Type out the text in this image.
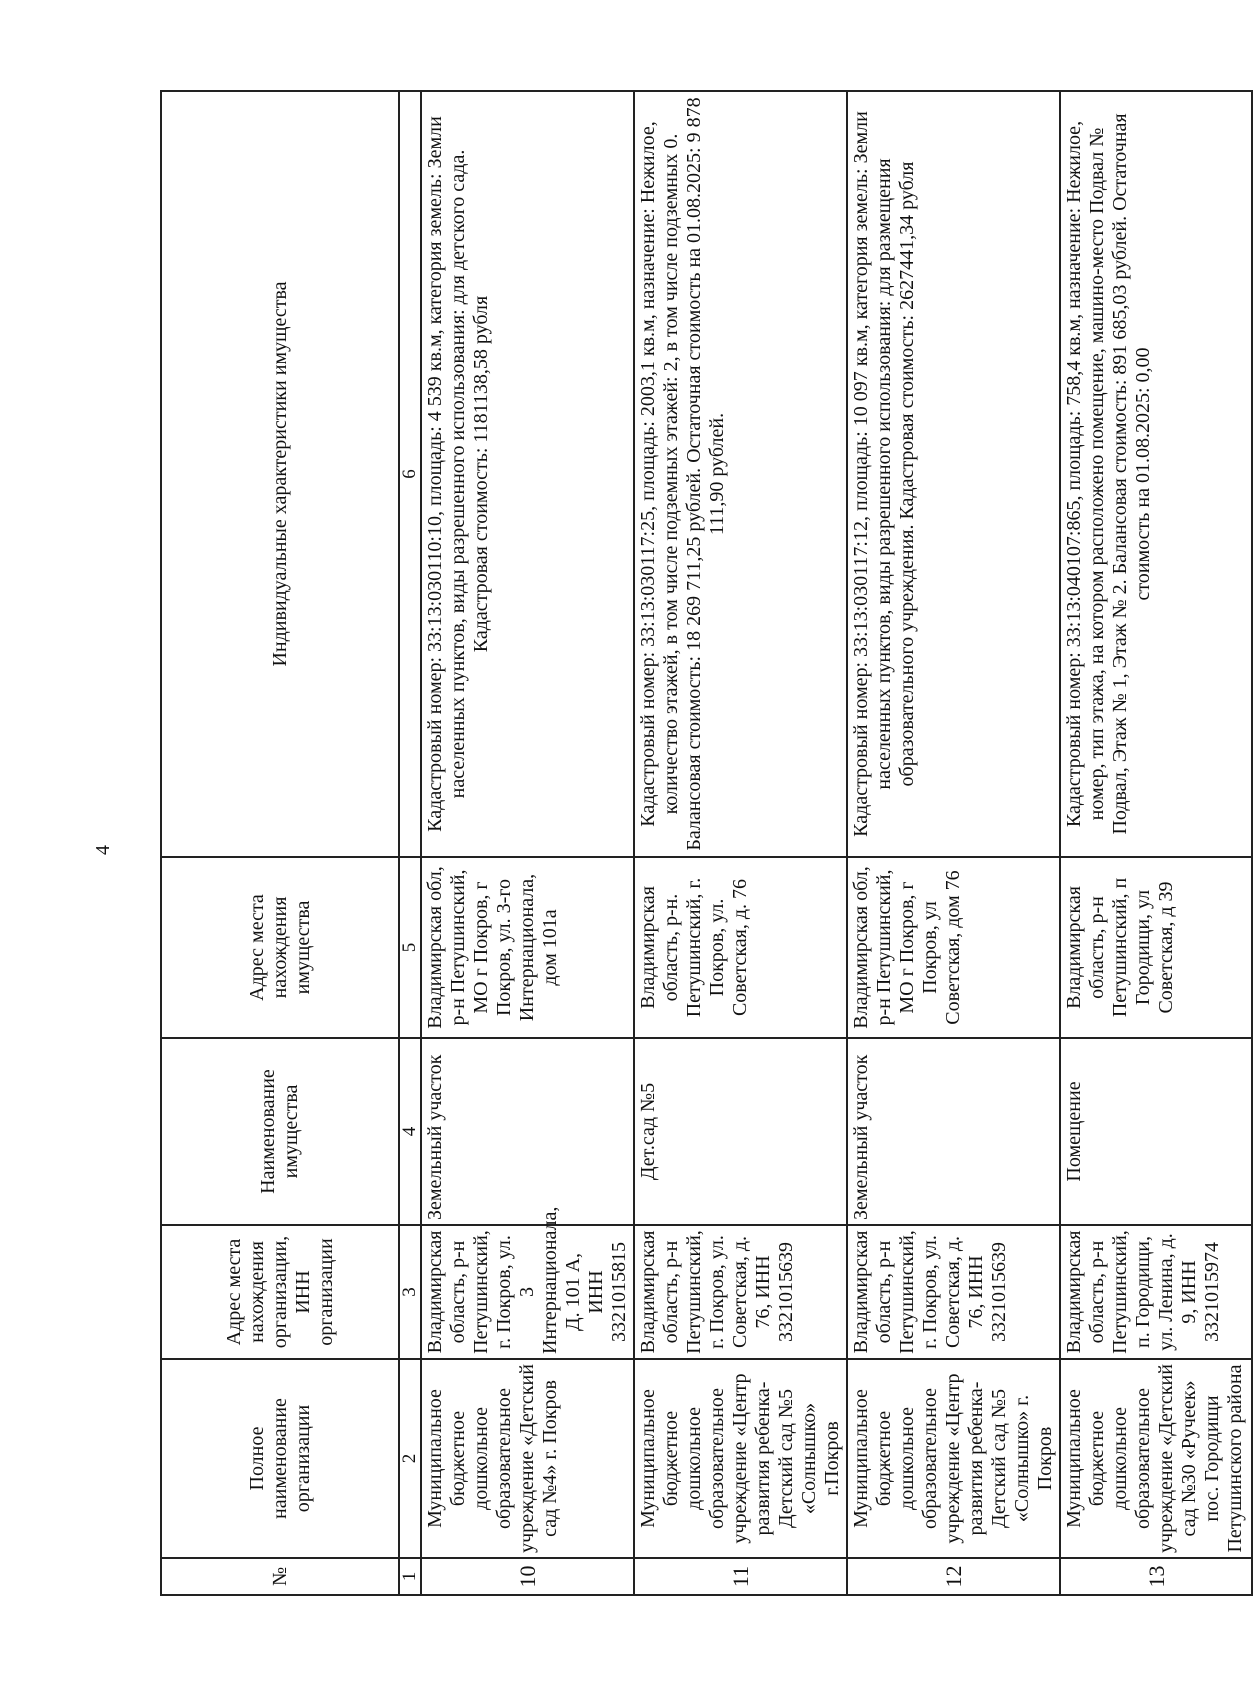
4
№	Полное наименование организации	Адрес места нахождения организации, ИНН организации	Наименование имущества	Адрес места нахождения имущества	Индивидуальные характеристики имущества
1	2	3	4	5	6
10	Муниципальное бюджетное дошкольное образовательное учреждение «Детский сад №4» г. Покров	Владимирская область, р-н Петушинский, г. Покров, ул. 3 Интернационала, Д. 101 А, ИНН 3321015815	Земельный участок	Владимирская обл, р-н Петушинский, МО г Покров, г Покров, ул. 3-го Интернационала, дом 101а	Кадастровый номер: 33:13:030110:10, площадь: 4 539 кв.м, категория земель: Земли населенных пунктов, виды разрешенного использования: для детского сада. Кадастровая стоимость: 1181138,58 рубля
11	Муниципальное бюджетное дошкольное образовательное учреждение «Центр развития ребенка-Детский сад №5 «Солнышко» г.Покров	Владимирская область, р-н Петушинский, г. Покров, ул. Советская, д. 76, ИНН 3321015639	Дет.сад №5	Владимирская область, р-н. Петушинский, г. Покров, ул. Советская, д. 76	Кадастровый номер: 33:13:030117:25, площадь: 2003,1 кв.м, назначение: Нежилое, количество этажей, в том числе подземных этажей: 2, в том числе подземных 0. Балансовая стоимость: 18 269 711,25 рублей. Остаточная стоимость на 01.08.2025: 9 878 111,90 рублей.
12	Муниципальное бюджетное дошкольное образовательное учреждение «Центр развития ребенка-Детский сад №5 «Солнышко» г. Покров	Владимирская область, р-н Петушинский, г. Покров, ул. Советская, д. 76, ИНН 3321015639	Земельный участок	Владимирская обл, р-н Петушинский, МО г Покров, г Покров, ул Советская, дом 76	Кадастровый номер: 33:13:030117:12, площадь: 10 097 кв.м, категория земель: Земли населенных пунктов, виды разрешенного использования: для размещения образовательного учреждения. Кадастровая стоимость: 2627441,34 рубля
13	Муниципальное бюджетное дошкольное образовательное учреждение «Детский сад №30 «Ручеек» пос. Городищи Петушинского района	Владимирская область, р-н Петушинский, п. Городищи, ул. Ленина, д. 9, ИНН 3321015974	Помещение	Владимирская область, р-н Петушинский, п Городищи, ул Советская, д 39	Кадастровый номер: 33:13:040107:865, площадь: 758,4 кв.м, назначение: Нежилое, номер, тип этажа, на котором расположено помещение, машино-место Подвал № Подвал, Этаж № 1, Этаж № 2. Балансовая стоимость: 891 685,03 рублей. Остаточная стоимость на 01.08.2025: 0,00
